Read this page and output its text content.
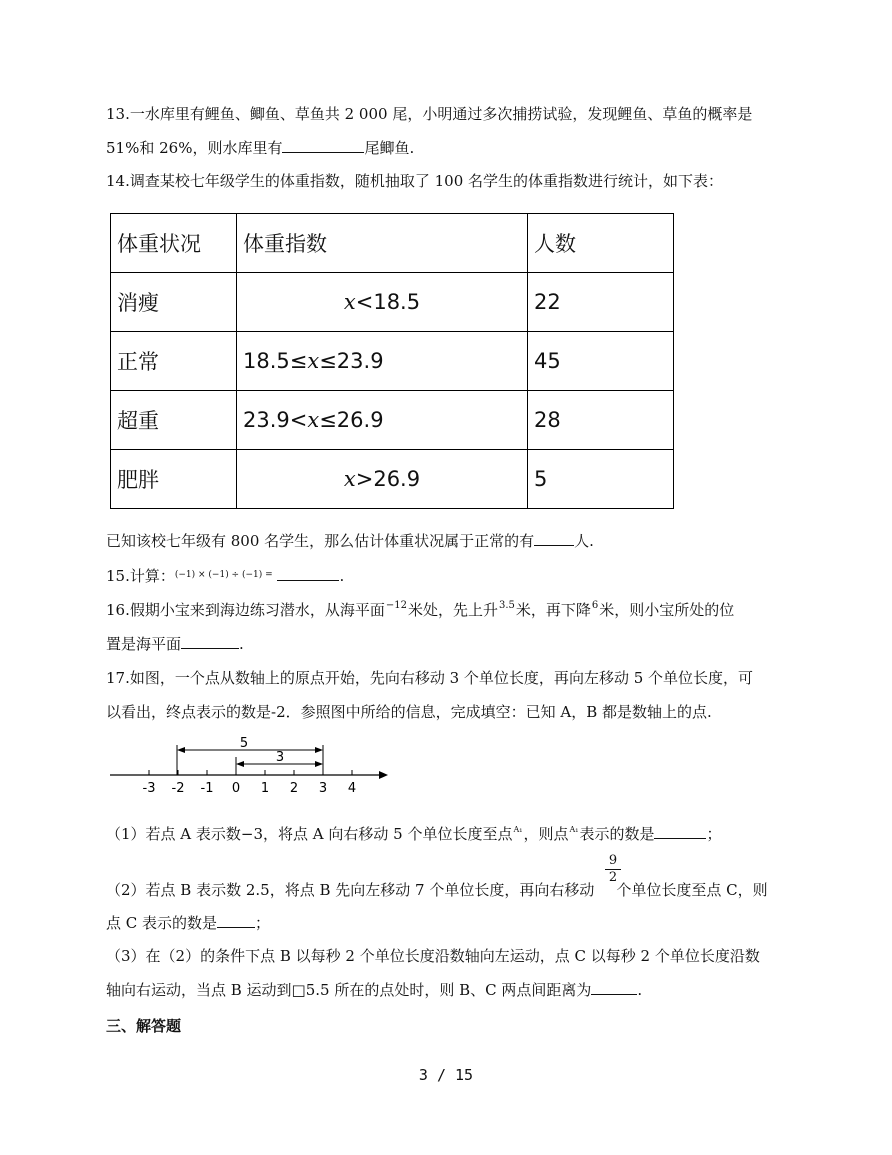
13.一水库里有鲤鱼、鲫鱼、草鱼共 2 000 尾，小明通过多次捕捞试验，发现鲤鱼、草鱼的概率是
51%和 26%，则水库里有	尾鲫鱼.
14.调查某校七年级学生的体重指数，随机抽取了 100 名学生的体重指数进行统计，如下表：
体重状况	体重指数	人数
消瘦	x<18.5	22
正常	18.5≤x≤23.9	45
超重	23.9<x≤26.9	28
肥胖	x>26.9	5
已知该校七年级有 800 名学生，那么估计体重状况属于正常的有	人.
15.计算：$^{(-1) \times (-1) \div (-1) =}$	.
16.假期小宝来到海边练习潜水，从海平面$^{-12}$米处，先上升$^{3.5}$米，再下降$^6$米，则小宝所处的位
置是海平面	.
17.如图，一个点从数轴上的原点开始，先向右移动 3 个单位长度，再向左移动 5 个单位长度，可
以看出，终点表示的数是-2．参照图中所给的信息，完成填空：已知 A，B 都是数轴上的点.
-3 -2 -1 0 1 2 3 4
5
3
（1）若点 A 表示数−3，将点 A 向右移动 5 个单位长度至点$^{A_1}$，则点$^{A_1}$表示的数是	；
$\frac{9}{2}$
（2）若点 B 表示数 2.5，将点 B 先向左移动 7 个单位长度，再向右移动 个单位长度至点 C，则
点 C 表示的数是	；
（3）在（2）的条件下点 B 以每秒 2 个单位长度沿数轴向左运动，点 C 以每秒 2 个单位长度沿数
轴向右运动，当点 B 运动到□5.5 所在的点处时，则 B、C 两点间距离为	.
三、解答题
3 / 15
